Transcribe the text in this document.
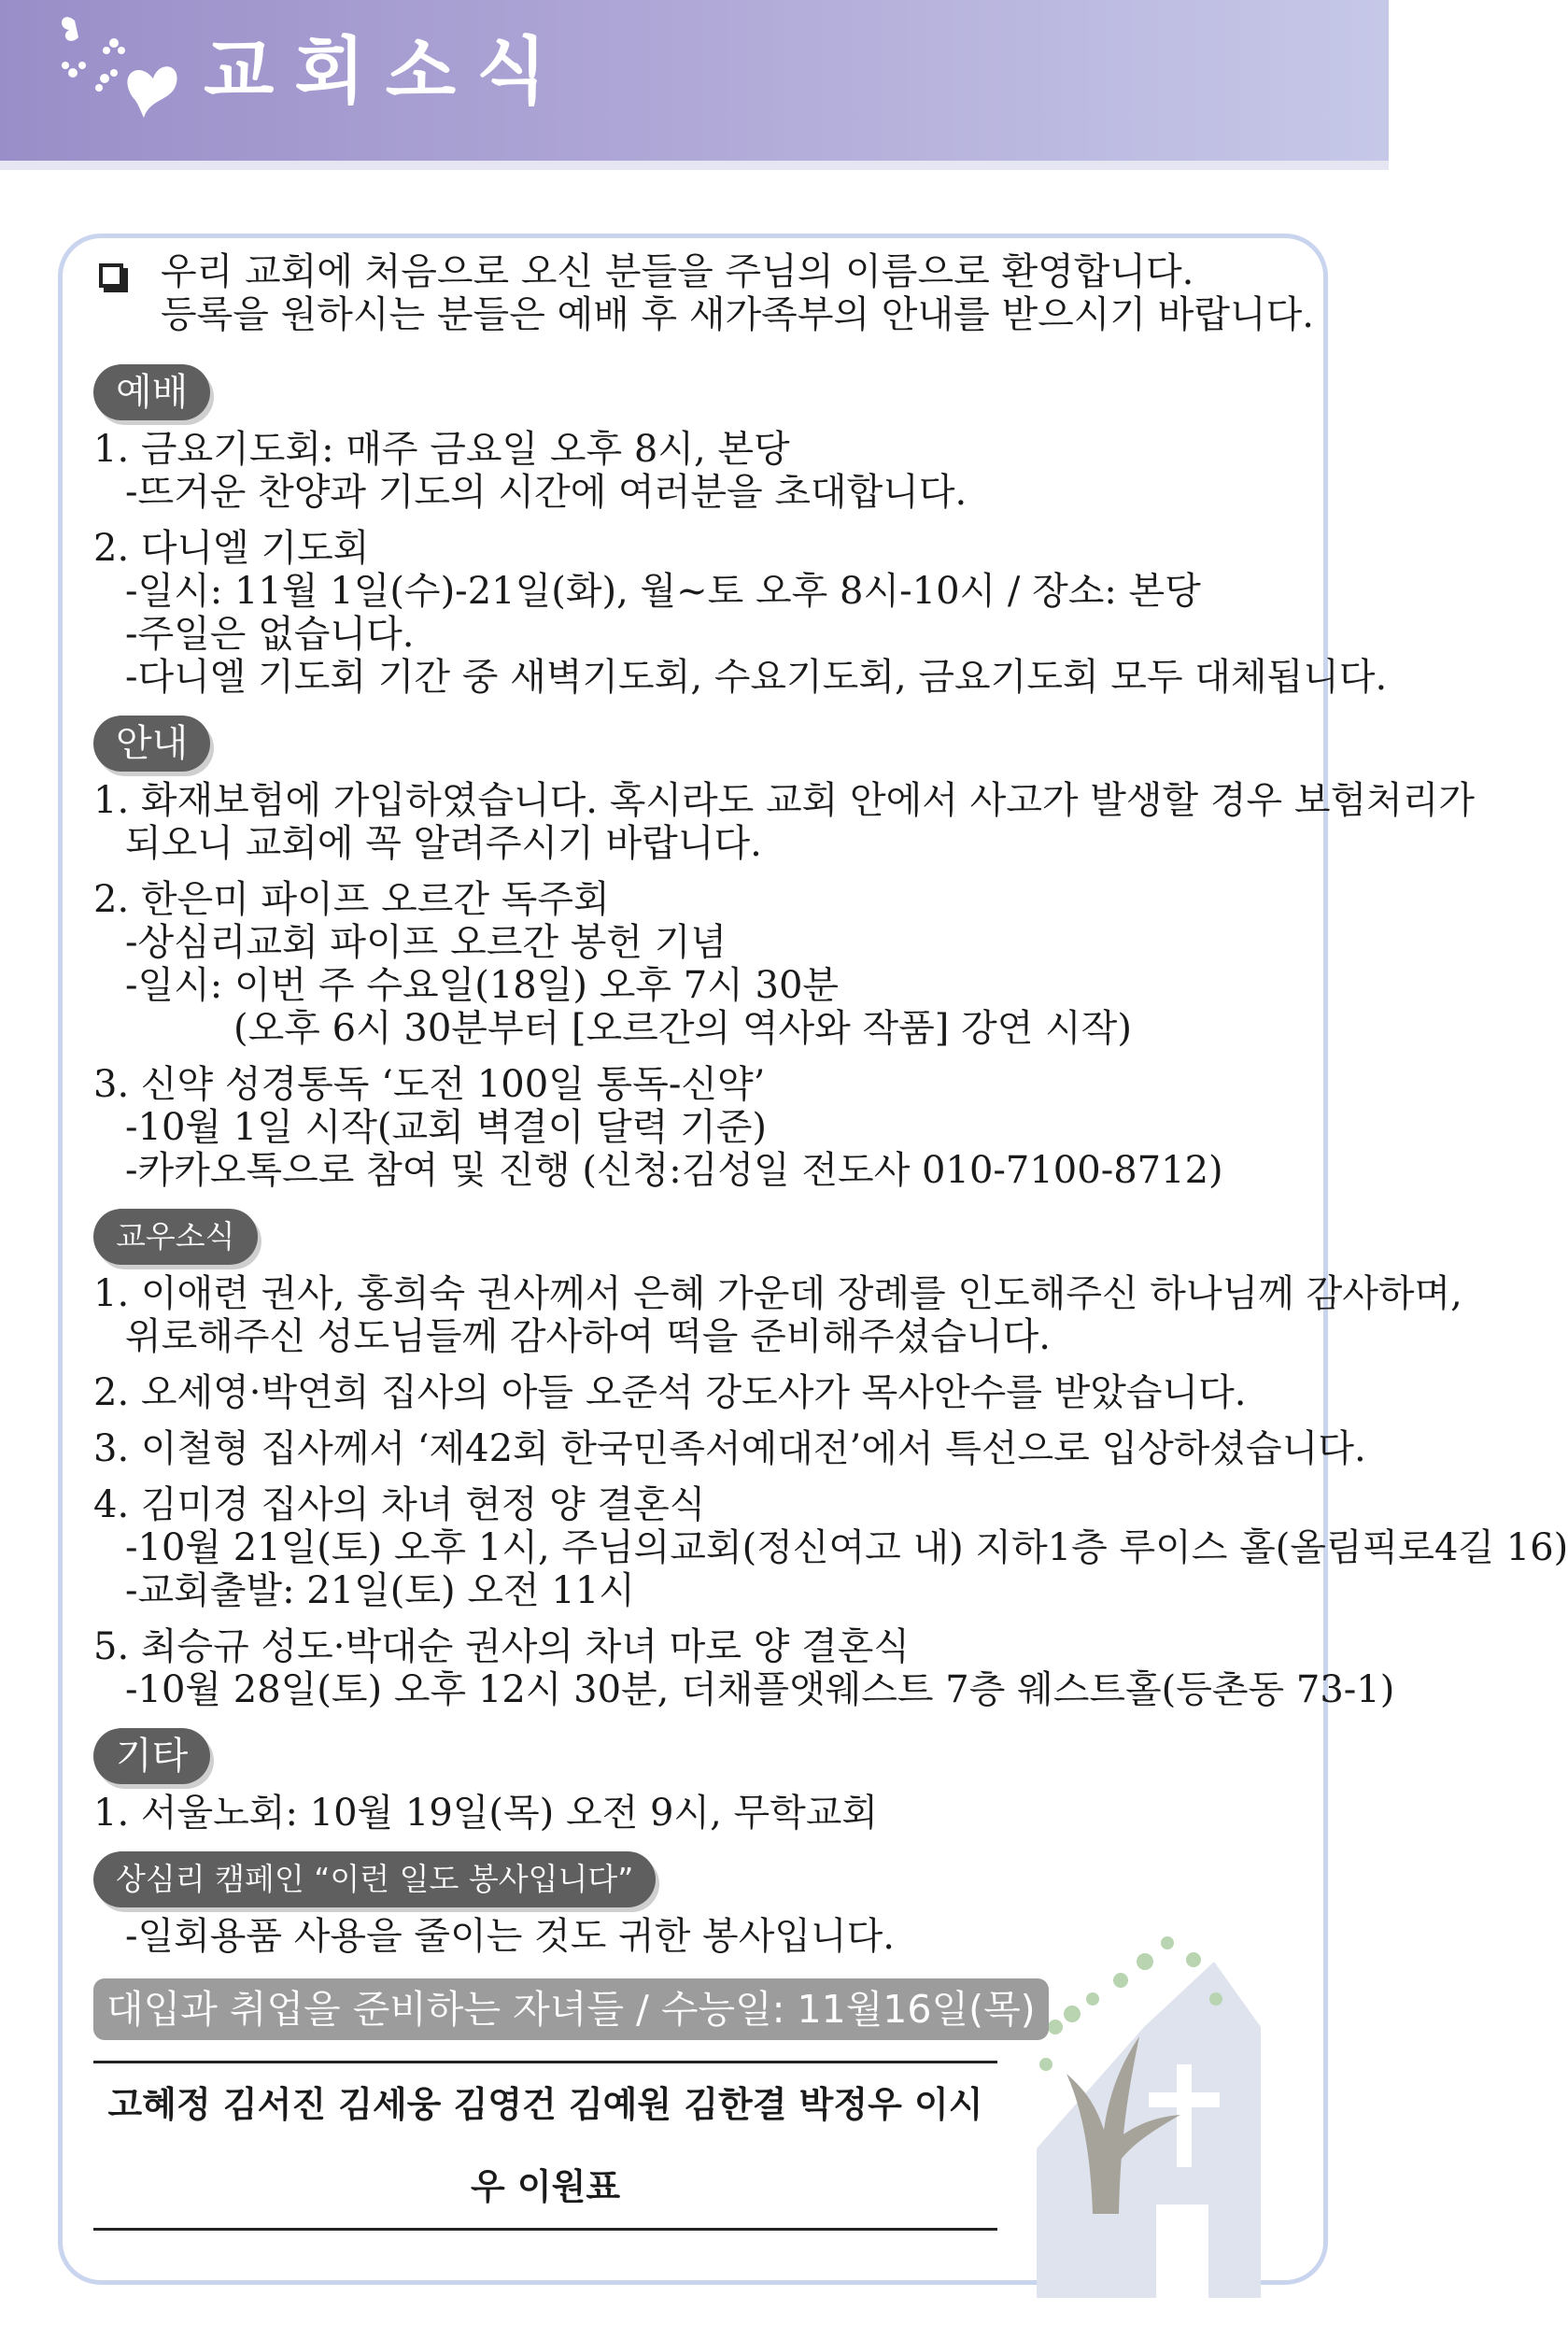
교회소식
우리 교회에 처음으로 오신 분들을 주님의 이름으로 환영합니다.
등록을 원하시는 분들은 예배 후 새가족부의 안내를 받으시기 바랍니다.
예배
1. 금요기도회: 매주 금요일 오후 8시, 본당
-뜨거운 찬양과 기도의 시간에 여러분을 초대합니다.
2. 다니엘 기도회
-일시: 11월 1일(수)-21일(화), 월~토 오후 8시-10시 / 장소: 본당
-주일은 없습니다.
-다니엘 기도회 기간 중 새벽기도회, 수요기도회, 금요기도회 모두 대체됩니다.
안내
1. 화재보험에 가입하였습니다. 혹시라도 교회 안에서 사고가 발생할 경우 보험처리가
되오니 교회에 꼭 알려주시기 바랍니다.
2. 한은미 파이프 오르간 독주회
-상심리교회 파이프 오르간 봉헌 기념
-일시: 이번 주 수요일(18일) 오후 7시 30분
(오후 6시 30분부터 [오르간의 역사와 작품] 강연 시작)
3. 신약 성경통독 ‘도전 100일 통독-신약’
-10월 1일 시작(교회 벽결이 달력 기준)
-카카오톡으로 참여 및 진행 (신청:김성일 전도사 010-7100-8712)
교우소식
1. 이애련 권사, 홍희숙 권사께서 은혜 가운데 장례를 인도해주신 하나님께 감사하며,
위로해주신 성도님들께 감사하여 떡을 준비해주셨습니다.
2. 오세영·박연희 집사의 아들 오준석 강도사가 목사안수를 받았습니다.
3. 이철형 집사께서 ‘제42회 한국민족서예대전’에서 특선으로 입상하셨습니다.
4. 김미경 집사의 차녀 현정 양 결혼식
-10월 21일(토) 오후 1시, 주님의교회(정신여고 내) 지하1층 루이스 홀(올림픽로4길 16)
-교회출발: 21일(토) 오전 11시
5. 최승규 성도·박대순 권사의 차녀 마로 양 결혼식
-10월 28일(토) 오후 12시 30분, 더채플앳웨스트 7층 웨스트홀(등촌동 73-1)
기타
1. 서울노회: 10월 19일(목) 오전 9시, 무학교회
상심리 캠페인 “이런 일도 봉사입니다”
-일회용품 사용을 줄이는 것도 귀한 봉사입니다.
대입과 취업을 준비하는 자녀들 / 수능일: 11월16일(목)
고혜정 김서진 김세웅 김영건 김예원 김한결 박정우 이시우 이원표
